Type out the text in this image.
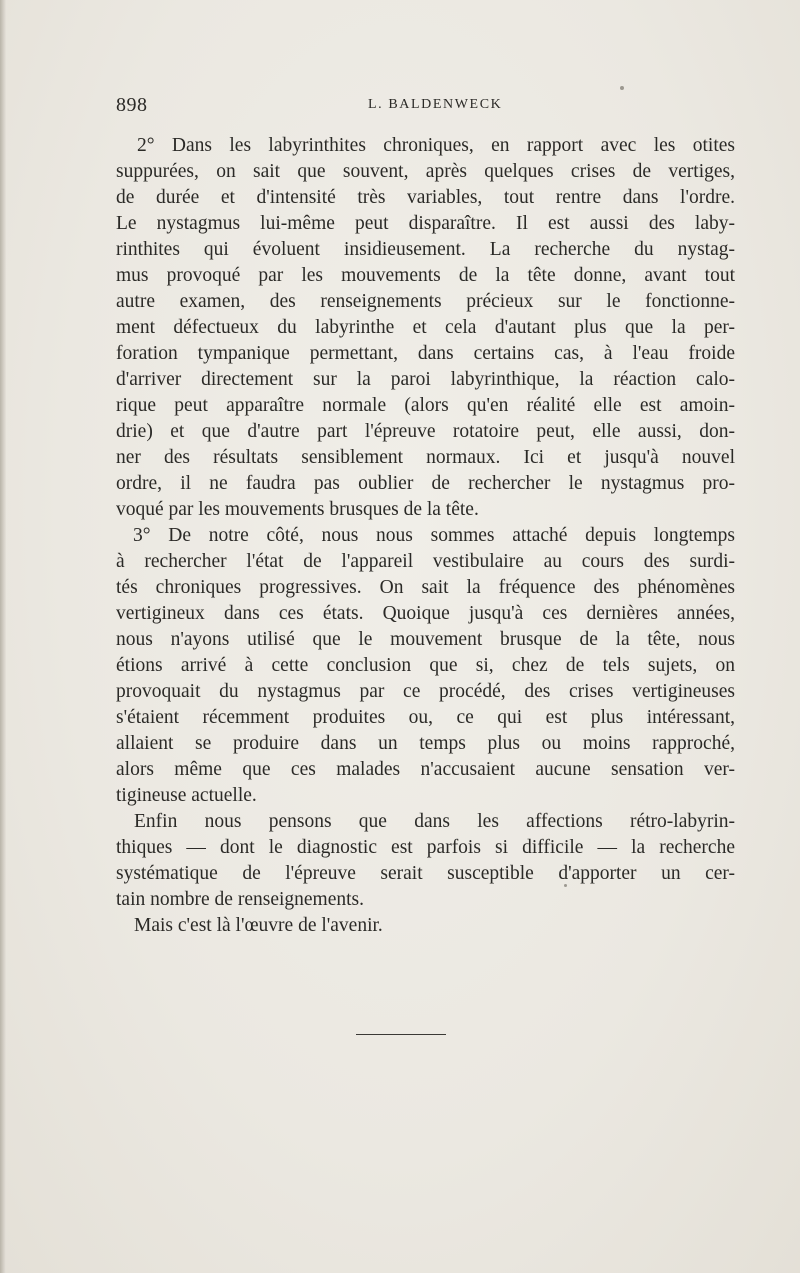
898	L. BALDENWECK
2° Dans les labyrinthites chroniques, en rapport avec les otites
suppurées, on sait que souvent, après quelques crises de vertiges,
de durée et d'intensité très variables, tout rentre dans l'ordre.
Le nystagmus lui-même peut disparaître. Il est aussi des laby-
rinthites qui évoluent insidieusement. La recherche du nystag-
mus provoqué par les mouvements de la tête donne, avant tout
autre examen, des renseignements précieux sur le fonctionne-
ment défectueux du labyrinthe et cela d'autant plus que la per-
foration tympanique permettant, dans certains cas, à l'eau froide
d'arriver directement sur la paroi labyrinthique, la réaction calo-
rique peut apparaître normale (alors qu'en réalité elle est amoin-
drie) et que d'autre part l'épreuve rotatoire peut, elle aussi, don-
ner des résultats sensiblement normaux. Ici et jusqu'à nouvel
ordre, il ne faudra pas oublier de rechercher le nystagmus pro-
voqué par les mouvements brusques de la tête.
3° De notre côté, nous nous sommes attaché depuis longtemps
à rechercher l'état de l'appareil vestibulaire au cours des surdi-
tés chroniques progressives. On sait la fréquence des phénomènes
vertigineux dans ces états. Quoique jusqu'à ces dernières années,
nous n'ayons utilisé que le mouvement brusque de la tête, nous
étions arrivé à cette conclusion que si, chez de tels sujets, on
provoquait du nystagmus par ce procédé, des crises vertigineuses
s'étaient récemment produites ou, ce qui est plus intéressant,
allaient se produire dans un temps plus ou moins rapproché,
alors même que ces malades n'accusaient aucune sensation ver-
tigineuse actuelle.
Enfin nous pensons que dans les affections rétro-labyrin-
thiques — dont le diagnostic est parfois si difficile — la recherche
systématique de l'épreuve serait susceptible d'apporter un cer-
tain nombre de renseignements.
Mais c'est là l'œuvre de l'avenir.
